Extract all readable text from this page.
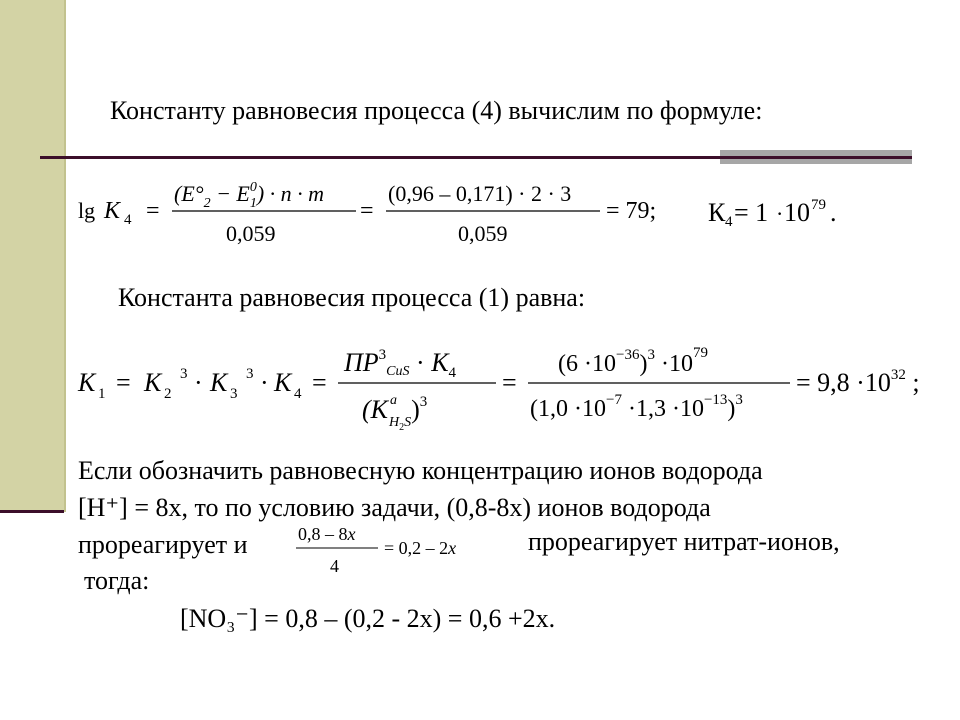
Константу равновесия процесса (4) вычислим по формуле:
lg K 4 =
$(E^\circ_2 - E_10) \cdot n \cdot m$
0,059
=
(0,96 – 0,171) · 2 · 3
0,059
= 79; К 4 = 1 · 10 79 .
Константа равновесия процесса (1) равна:
K 1 = K 2
3 · K 3
3 · K 4 =
$ПР^3_{CuS} \cdot K_4$
(K $^a$ H2S)$^3$
=
$(6 \cdot 10^{-36})^3 \cdot 10^{79}$
$(1,0 \cdot 10^{-7} \cdot 1,3 \cdot 10^{-13})^3$
= $9,8 \cdot 10^{32}$ ;
Если обозначить равновесную концентрацию ионов водорода
[H⁺] = 8х, то по условию задачи, (0,8-8х) ионов водорода
прореагирует и	0,8 – 8x
4
= 0,2 – 2x	прореагирует нитрат-ионов,
тогда:
[NO₃⁻] = 0,8 – (0,2 - 2х) = 0,6 +2х.
